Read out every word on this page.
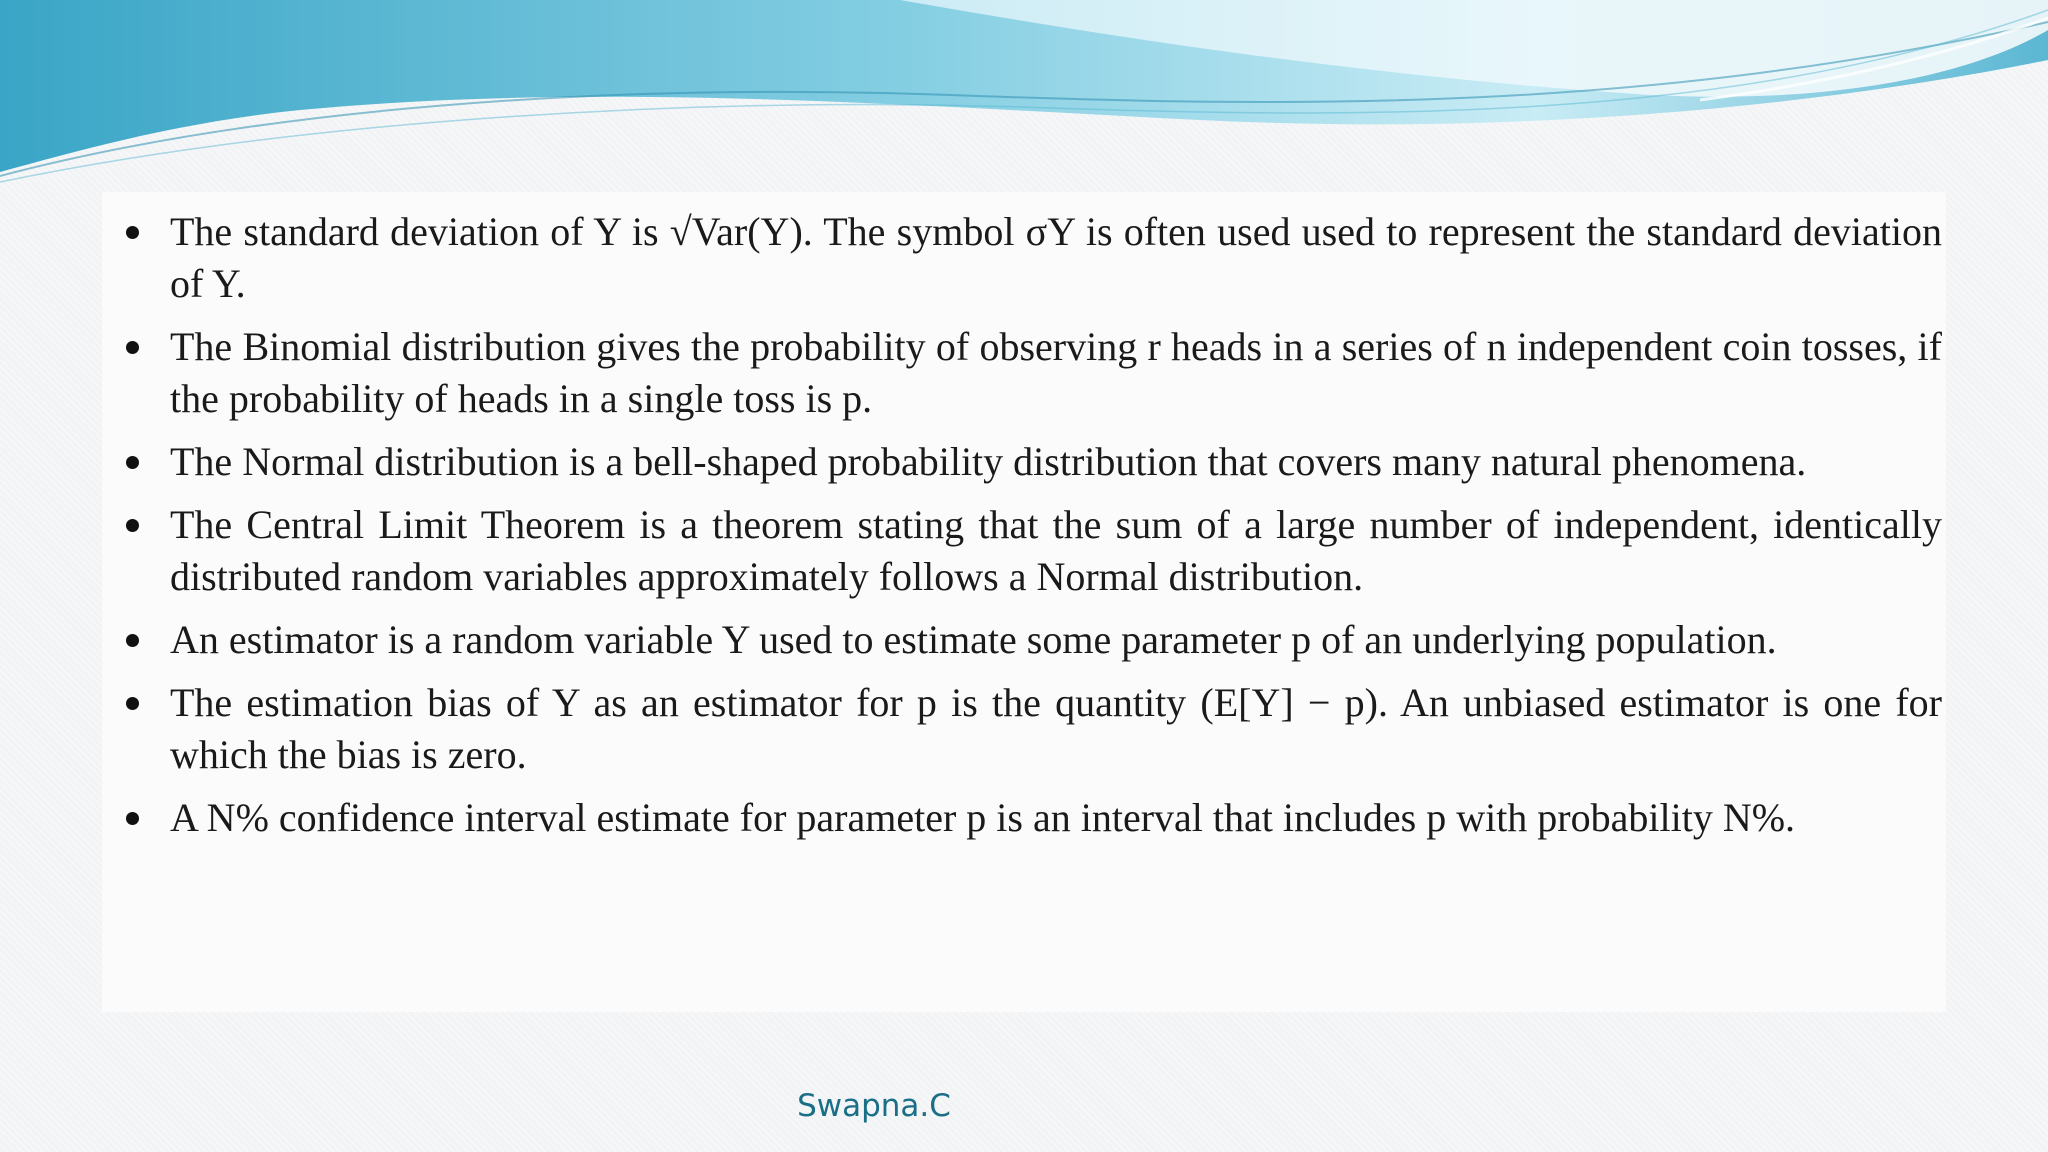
The standard deviation of Y is √Var(Y). The symbol σY is often used used to represent the standard deviation of Y.
The Binomial distribution gives the probability of observing r heads in a series of n independent coin tosses, if the probability of heads in a single toss is p.
The Normal distribution is a bell-shaped probability distribution that covers many natural phenomena.
The Central Limit Theorem is a theorem stating that the sum of a large number of independent, identically distributed random variables approximately follows a Normal distribution.
An estimator is a random variable Y used to estimate some parameter p of an underlying population.
The estimation bias of Y as an estimator for p is the quantity (E[Y] − p). An unbiased estimator is one for which the bias is zero.
A N% confidence interval estimate for parameter p is an interval that includes p with probability N%.
Swapna.C
